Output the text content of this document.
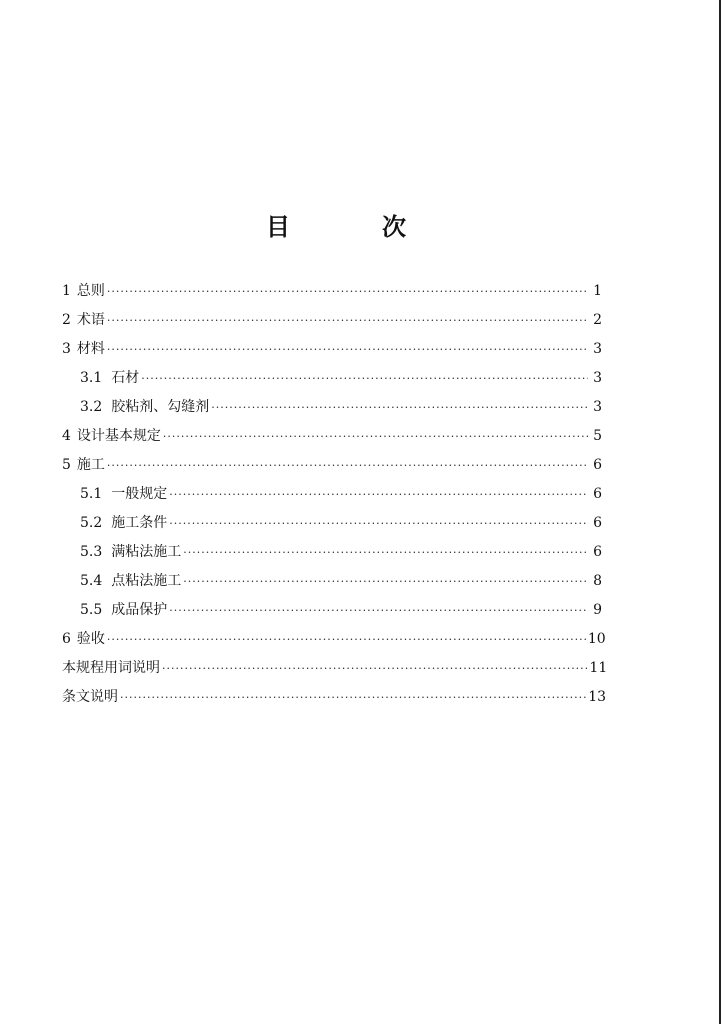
目　次
1 总则 ·····	1
2 术语 ·····	2
3 材料 ·····	3
3.1 石材 ·····	3
3.2 胶粘剂、勾缝剂 ·····	3
4 设计基本规定 ·····	5
5 施工 ·····	6
5.1 一般规定 ·····	6
5.2 施工条件 ·····	6
5.3 满粘法施工 ·····	6
5.4 点粘法施工 ·····	8
5.5 成品保护 ·····	9
6 验收 ·····	10
本规程用词说明 ·····	11
条文说明 ·····	13
